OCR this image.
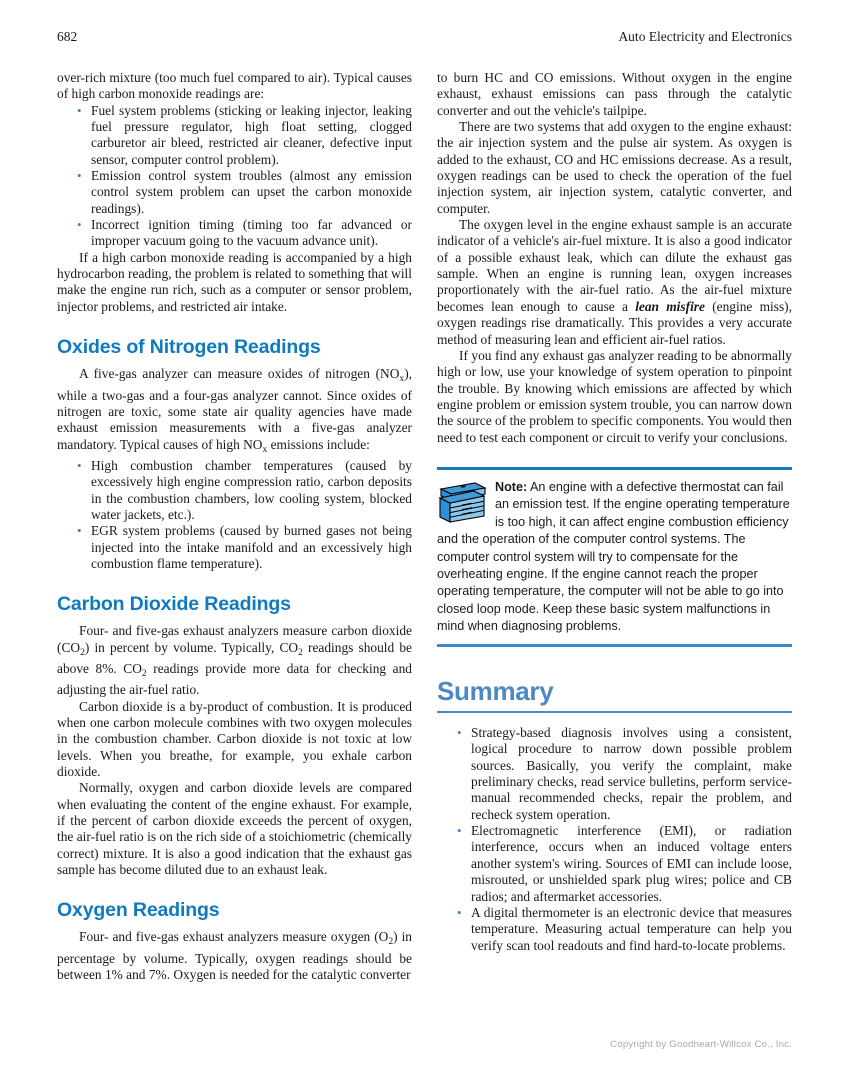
682	Auto Electricity and Electronics

over-rich mixture (too much fuel compared to air). Typical causes of high carbon monoxide readings are:

• Fuel system problems (sticking or leaking injector, leaking fuel pressure regulator, high float setting, clogged carburetor air bleed, restricted air cleaner, defective input sensor, computer control problem).
• Emission control system troubles (almost any emission control system problem can upset the carbon monoxide readings).
• Incorrect ignition timing (timing too far advanced or improper vacuum going to the vacuum advance unit).

If a high carbon monoxide reading is accompanied by a high hydrocarbon reading, the problem is related to something that will make the engine run rich, such as a computer or sensor problem, injector problems, and restricted air intake.

Oxides of Nitrogen Readings

A five-gas analyzer can measure oxides of nitrogen $(NO_x)$, while a two-gas and a four-gas analyzer cannot. Since oxides of nitrogen are toxic, some state air quality agencies have made exhaust emission measurements with a five-gas analyzer mandatory. Typical causes of high $NO_x$ emissions include:

• High combustion chamber temperatures (caused by excessively high engine compression ratio, carbon deposits in the combustion chambers, low cooling system, blocked water jackets, etc.).
• EGR system problems (caused by burned gases not being injected into the intake manifold and an excessively high combustion flame temperature).
Carbon Dioxide Readings

Four- and five-gas exhaust analyzers measure carbon dioxide $(CO_2)$ in percent by volume. Typically, $CO_2$ readings should be above 8%. $CO_2$ readings provide more data for checking and adjusting the air-fuel ratio.

Carbon dioxide is a by-product of combustion. It is produced when one carbon molecule combines with two oxygen molecules in the combustion chamber. Carbon dioxide is not toxic at low levels. When you breathe, for example, you exhale carbon dioxide.

Normally, oxygen and carbon dioxide levels are compared when evaluating the content of the engine exhaust. For example, if the percent of carbon dioxide exceeds the percent of oxygen, the air-fuel ratio is on the rich side of a stoichiometric (chemically correct) mixture. It is also a good indication that the exhaust gas sample has become diluted due to an exhaust leak.

Oxygen Readings

Four- and five-gas exhaust analyzers measure oxygen $(O_2)$ in percentage by volume. Typically, oxygen readings should be between 1% and 7%. Oxygen is needed for the catalytic converter

to burn HC and CO emissions. Without oxygen in the engine exhaust, exhaust emissions can pass through the catalytic converter and out the vehicle's tailpipe.

There are two systems that add oxygen to the engine exhaust: the air injection system and the pulse air system. As oxygen is added to the exhaust, CO and HC emissions decrease. As a result, oxygen readings can be used to check the operation of the fuel injection system, air injection system, catalytic converter, and computer.

The oxygen level in the engine exhaust sample is an accurate indicator of a vehicle's air-fuel mixture. It is also a good indicator of a possible exhaust leak, which can dilute the exhaust gas sample. When an engine is running lean, oxygen increases proportionately with the air-fuel ratio. As the air-fuel mixture becomes lean enough to cause a lean misfire (engine miss), oxygen readings rise dramatically. This provides a very accurate method of measuring lean and efficient air-fuel ratios.

If you find any exhaust gas analyzer reading to be abnormally high or low, use your knowledge of system operation to pinpoint the trouble. By knowing which emissions are affected by which engine problem or emission system trouble, you can narrow down the source of the problem to specific components. You would then need to test each component or circuit to verify your conclusions.

Note: An engine with a defective thermostat can fail an emission test. If the engine operating temperature is too high, it can affect engine combustion efficiency and the operation of the computer control systems. The computer control system will try to compensate for the overheating engine. If the engine cannot reach the proper operating temperature, the computer will not be able to go into closed loop mode. Keep these basic system malfunctions in mind when diagnosing problems.
Summary
• Strategy-based diagnosis involves using a consistent, logical procedure to narrow down possible problem sources. Basically, you verify the complaint, make preliminary checks, read service bulletins, perform service-manual recommended checks, repair the problem, and recheck system operation.
• Electromagnetic interference (EMI), or radiation interference, occurs when an induced voltage enters another system's wiring. Sources of EMI can include loose, misrouted, or unshielded spark plug wires; police and CB radios; and aftermarket accessories.
• A digital thermometer is an electronic device that measures temperature. Measuring actual temperature can help you verify scan tool readouts and find hard-to-locate problems.
Copyright by Goodheart-Willcox Co., Inc.
